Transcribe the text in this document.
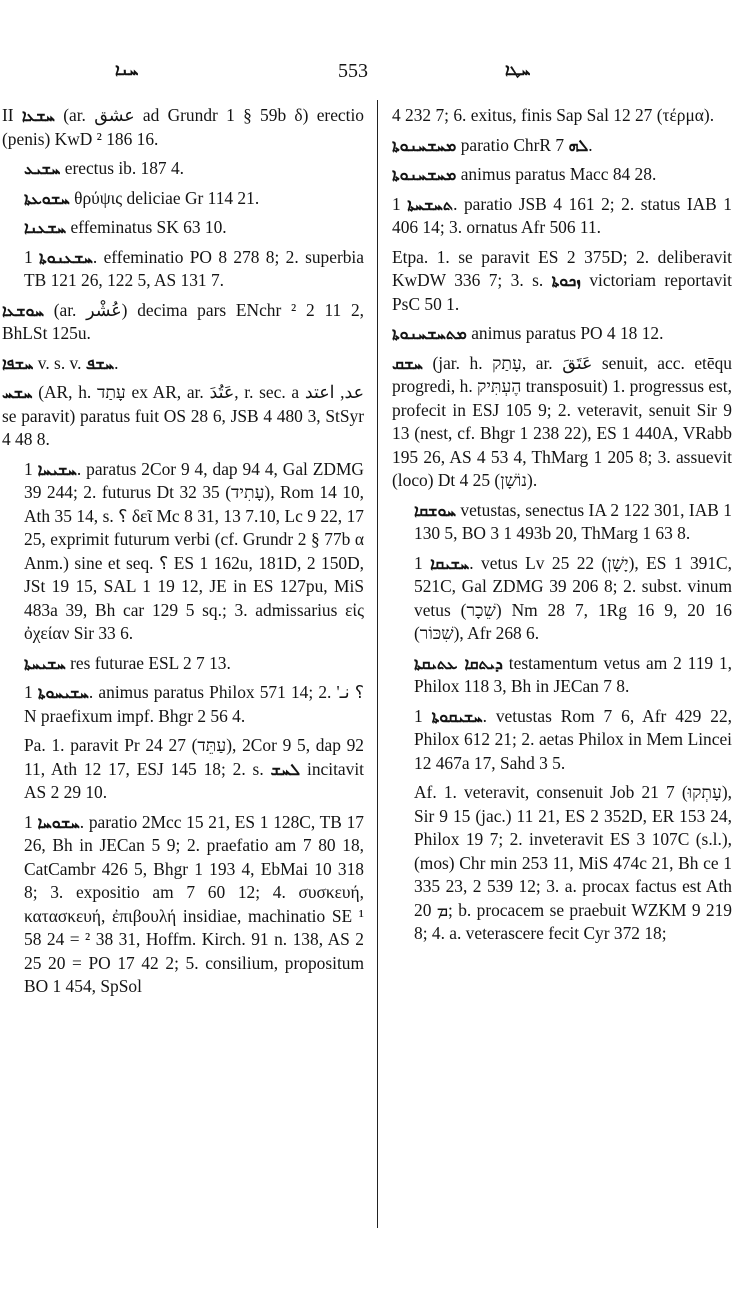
ܚܢܐ	553	ܚܛܐ

II ܚܫܥܐ (ar. عشق ad Grundr 1 § 59b δ) erectio (penis) KwD ² 186 16.

ܚܫܝܥ erectus ib. 187 4.

ܚܫܘܥܬܐ θρύψις deliciae Gr 114 21.

ܚܫܥܢܐ effeminatus SK 63 10.

ܚܫܥܢܘܬܐ 1. effeminatio PO 8 278 8; 2. superbia TB 121 26, 122 5, AS 131 7.

ܚܘܫܥܐ (ar. عُشْر) decima pars ENchr ² 2 11 2, BhLSt 125u.

ܚܫܦܐ v. s. v. ܚܫܦ.

ܚܫܚ (AR, h. עָתַד ex AR, ar. عَتُدَ, r. sec. a عد, اعتد se paravit) paratus fuit OS 28 6, JSB 4 480 3, StSyr 4 48 8.

ܚܫܝܚܐ 1. paratus 2Cor 9 4, dap 94 4, Gal ZDMG 39 244; 2. futurus Dt 32 35 (עָתִיד), Rom 14 10, Ath 35 14, s. ؟ δεῖ Mc 8 31, 13 7.10, Lc 9 22, 17 25, exprimit futurum verbi (cf. Grundr 2 § 77b α Anm.) sine et seq. ؟ ES 1 162u, 181D, 2 150D, JSt 19 15, SAL 1 19 12, JE in ES 127pu, MiS 483a 39, Bh car 129 5 sq.; 3. admissarius εἰς ὀχείαν Sir 33 6.

ܚܫܝܚܬܐ res futurae ESL 2 7 13.

ܚܫܝܚܘܬܐ 1. animus paratus Philox 571 14; 2. '؟ نـ N praefixum impf. Bhgr 2 56 4.

Pa. 1. paravit Pr 24 27 (עַתֵּד), 2Cor 9 5, dap 92 11, Ath 12 17, ESJ 145 18; 2. s. ܠܚܫ incitavit AS 2 29 10.

ܚܫܘܚܐ 1. paratio 2Mcc 15 21, ES 1 128C, TB 17 26, Bh in JECan 5 9; 2. praefatio am 7 80 18, CatCambr 426 5, Bhgr 1 193 4, EbMai 10 318 8; 3. expositio am 7 60 12; 4. συσκευή, κατασκευή, ἐπιβουλή insidiae, machinatio SE ¹ 58 24 = ² 38 31, Hoffm. Kirch. 91 n. 138, AS 2 25 20 = PO 17 42 2; 5. consilium, propositum BO 1 454, SpSol

4 232 7; 6. exitus, finis Sap Sal 12 27 (τέρμα).

ܡܚܫܚܢܘܬܐ paratio ChrR ܠܗ 7.

ܡܚܫܚܢܘܬܐ animus paratus Macc 84 28.

ܬܚܫܚܬܐ 1. paratio JSB 4 161 2; 2. status IAB 1 406 14; 3. ornatus Afr 506 11.

Etpa. 1. se paravit ES 2 375D; 2. deliberavit KwDW 336 7; 3. s. ܙܟܘܬܐ victoriam reportavit PsC 50 1.

ܡܬܚܫܚܢܘܬܐ animus paratus PO 4 18 12.

ܚܫܩ (jar. h. עָתַק, ar. عَتَقَ senuit, acc. etēqu progredi, h. הֶעְתִּיק transposuit) 1. progressus est, profecit in ESJ 105 9; 2. veteravit, senuit Sir 9 13 (nest, cf. Bhgr 1 238 22), ES 1 440A, VRabb 195 26, AS 4 53 4, ThMarg 1 205 8; 3. assuevit (loco) Dt 4 25 (נוֹשָׁן).

ܚܘܫܩܐ vetustas, senectus IA 2 122 301, IAB 1 130 5, BO 3 1 493b 20, ThMarg 1 63 8.

ܚܫܝܩܐ 1. vetus Lv 25 22 (יָשָׁן), ES 1 391C, 521C, Gal ZDMG 39 206 8; 2. subst. vinum vetus (שֵׁכָר) Nm 28 7, 1Rg 16 9, 20 16 (שִׁכּוֹר), Afr 268 6.

ܕܝܬܩܐ ܥܬܝܩܬܐ testamentum vetus am 2 119 1, Philox 118 3, Bh in JECan 7 8.

ܚܫܝܩܘܬܐ 1. vetustas Rom 7 6, Afr 429 22, Philox 612 21; 2. aetas Philox in Mem Lincei 12 467a 17, Sahd 3 5.

Af. 1. veteravit, consenuit Job 21 7 (עָתְקוּ), Sir 9 15 (jac.) 11 21, ES 2 352D, ER 153 24, Philox 19 7; 2. inveteravit ES 3 107C (s.l.), (mos) Chr min 253 11, MiS 474c 21, Bh ce 1 335 23, 2 539 12; 3. a. procax factus est Ath ܡ 20; b. procacem se praebuit WZKM 9 219 8; 4. a. veterascere fecit Cyr 372 18;
